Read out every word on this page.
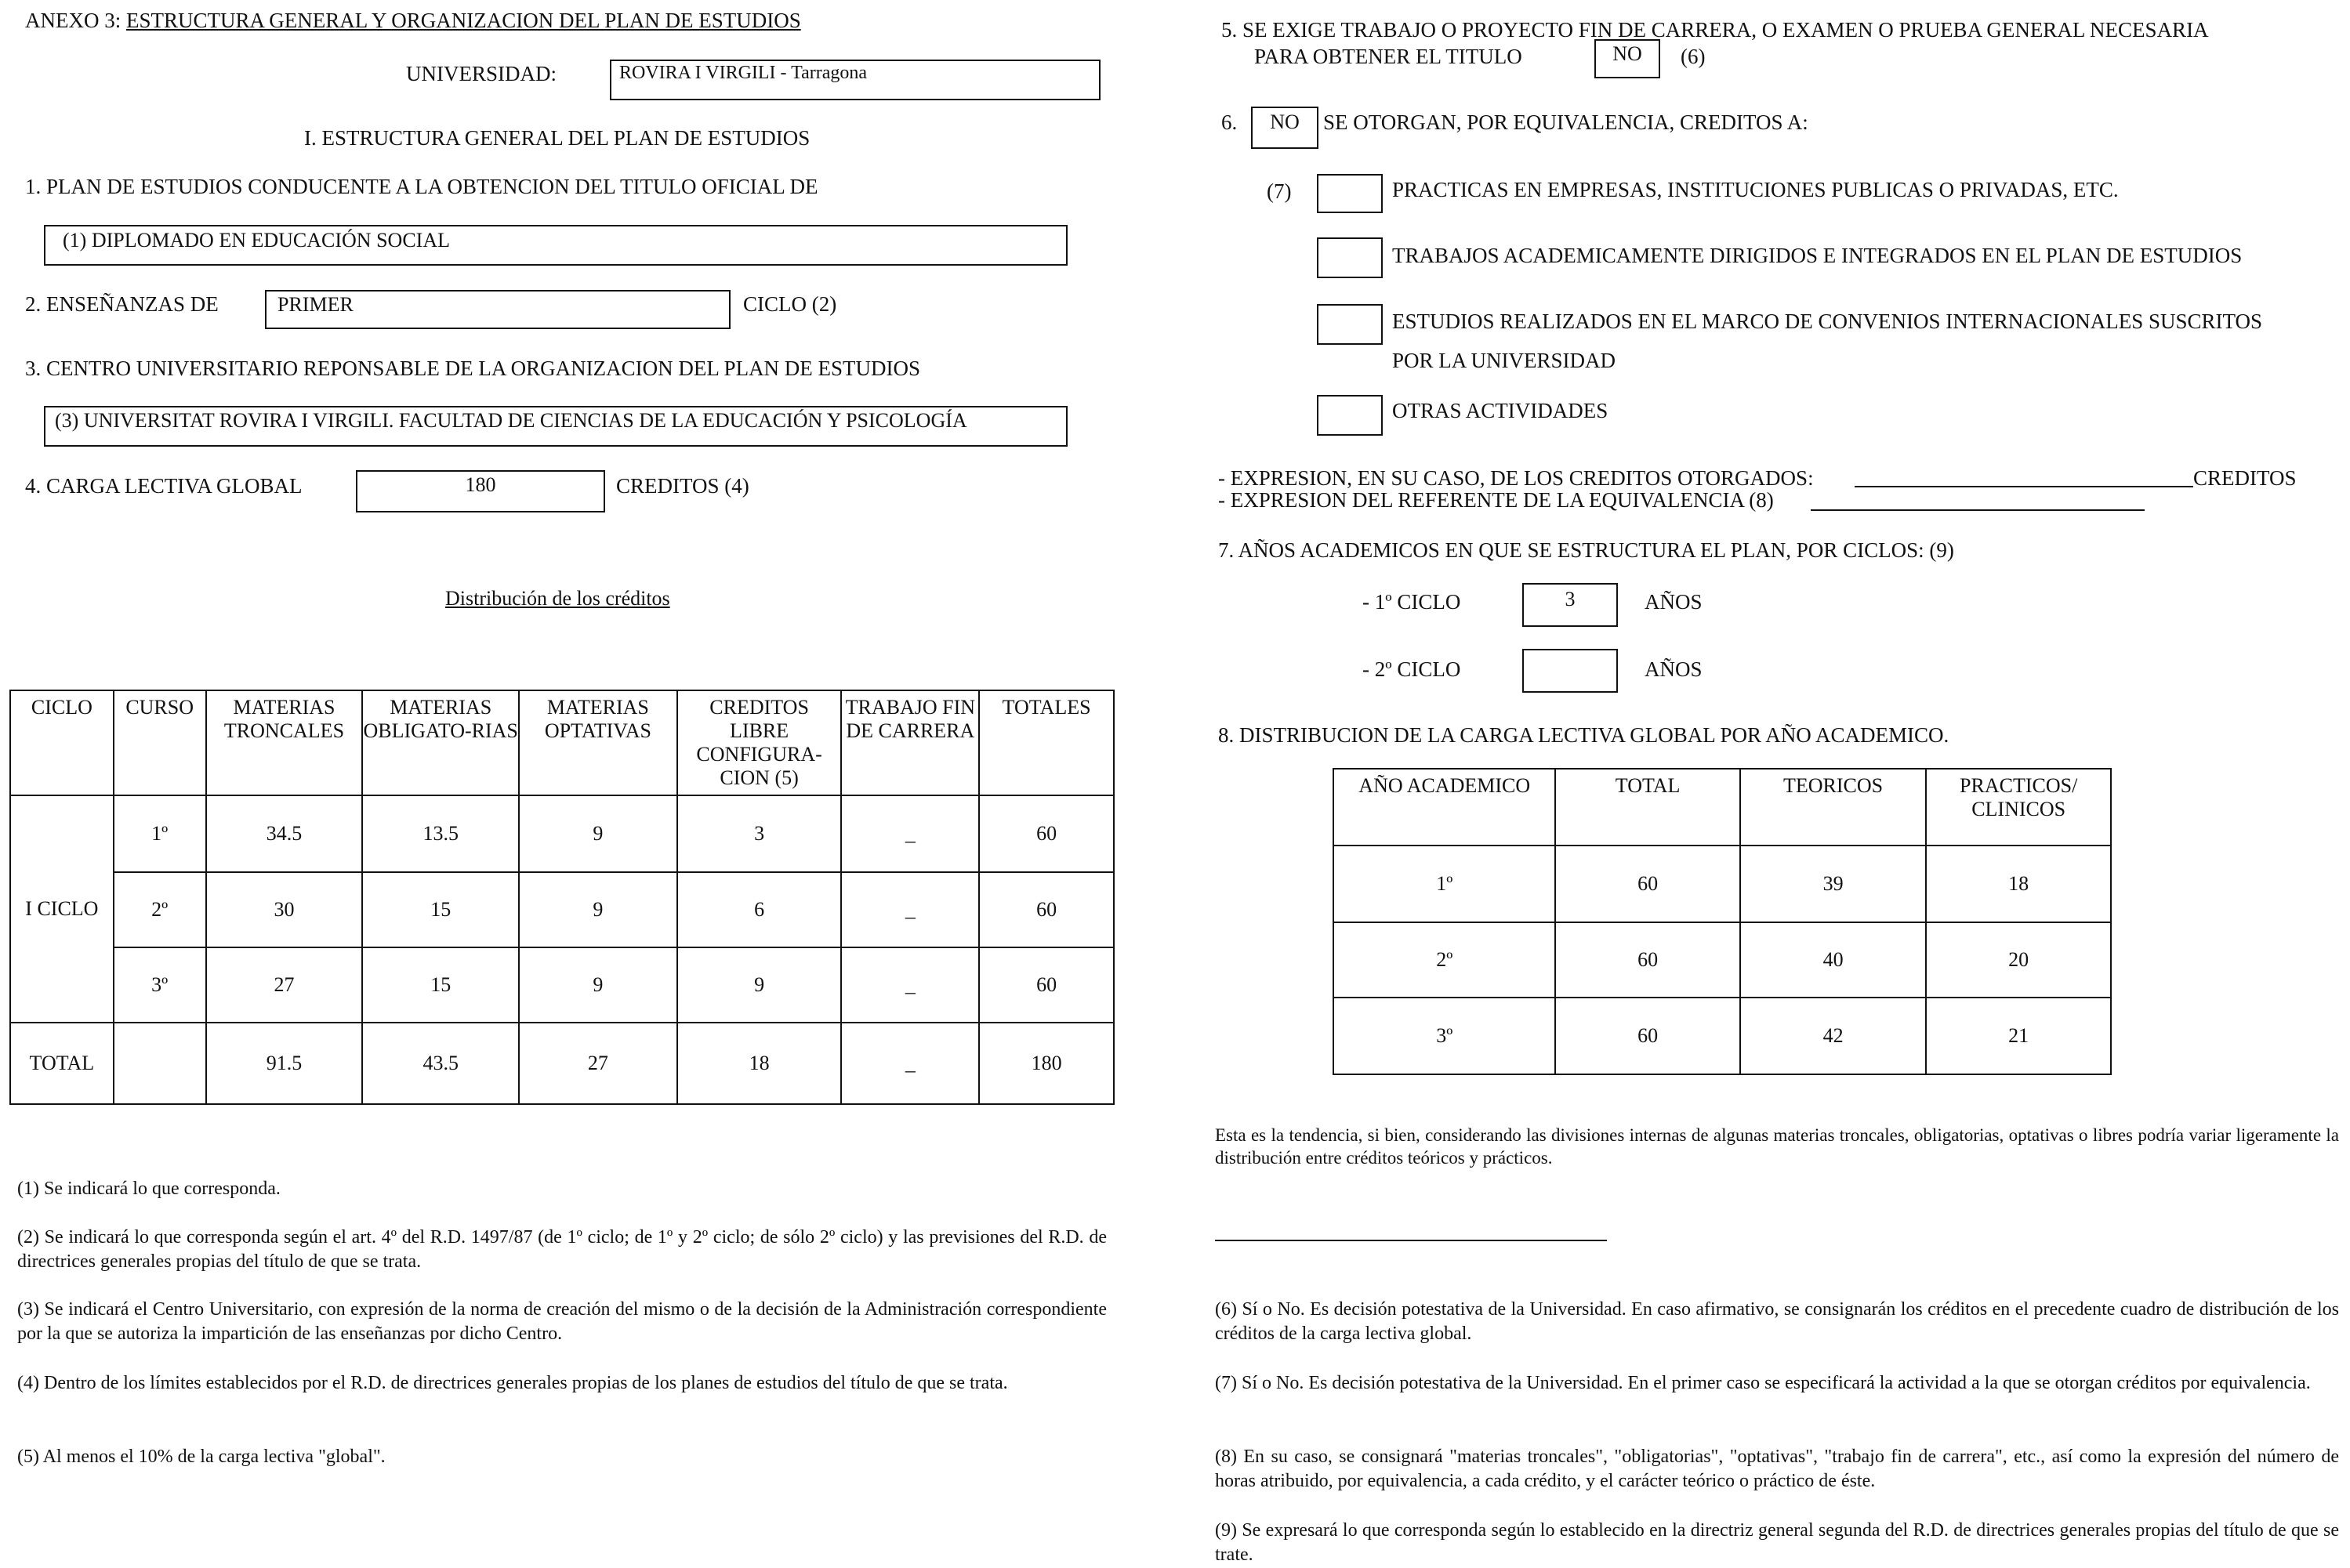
ANEXO 3: ESTRUCTURA GENERAL Y ORGANIZACION DEL PLAN DE ESTUDIOS
UNIVERSIDAD:	ROVIRA I VIRGILI - Tarragona
I. ESTRUCTURA GENERAL DEL PLAN DE ESTUDIOS
1. PLAN DE ESTUDIOS CONDUCENTE A LA OBTENCION DEL TITULO OFICIAL DE
(1) DIPLOMADO EN EDUCACIÓN SOCIAL
2. ENSEÑANZAS DE	PRIMER	CICLO (2)
3. CENTRO UNIVERSITARIO REPONSABLE DE LA ORGANIZACION DEL PLAN DE ESTUDIOS
(3) UNIVERSITAT ROVIRA I VIRGILI. FACULTAD DE CIENCIAS DE LA EDUCACIÓN Y PSICOLOGÍA
4. CARGA LECTIVA GLOBAL	180	CREDITOS (4)
Distribución de los créditos
CICLO	CURSO	MATERIAS TRONCALES	MATERIAS OBLIGATO-RIAS	MATERIAS OPTATIVAS	CREDITOS LIBRE CONFIGURA-CION (5)	TRABAJO FIN DE CARRERA	TOTALES
I CICLO	1º	34.5	13.5	9	3	_	60
	2º	30	15	9	6	_	60
	3º	27	15	9	9	_	60
TOTAL		91.5	43.5	27	18	_	180
(1) Se indicará lo que corresponda.
(2) Se indicará lo que corresponda según el art. 4º del R.D. 1497/87 (de 1º ciclo; de 1º y 2º ciclo; de sólo 2º ciclo) y las previsiones del R.D. de directrices generales propias del título de que se trata.
(3) Se indicará el Centro Universitario, con expresión de la norma de creación del mismo o de la decisión de la Administración correspondiente por la que se autoriza la impartición de las enseñanzas por dicho Centro.
(4) Dentro de los límites establecidos por el R.D. de directrices generales propias de los planes de estudios del título de que se trata.
(5) Al menos el 10% de la carga lectiva "global".
5. SE EXIGE TRABAJO O PROYECTO FIN DE CARRERA, O EXAMEN O PRUEBA GENERAL NECESARIA
PARA OBTENER EL TITULO	NO	(6)
6.	NO	SE OTORGAN, POR EQUIVALENCIA, CREDITOS A:
(7)	PRACTICAS EN EMPRESAS, INSTITUCIONES PUBLICAS O PRIVADAS, ETC.
TRABAJOS ACADEMICAMENTE DIRIGIDOS E INTEGRADOS EN EL PLAN DE ESTUDIOS
ESTUDIOS REALIZADOS EN EL MARCO DE CONVENIOS INTERNACIONALES SUSCRITOS
POR LA UNIVERSIDAD
OTRAS ACTIVIDADES
- EXPRESION, EN SU CASO, DE LOS CREDITOS OTORGADOS:	CREDITOS
- EXPRESION DEL REFERENTE DE LA EQUIVALENCIA (8)
7. AÑOS ACADEMICOS EN QUE SE ESTRUCTURA EL PLAN, POR CICLOS: (9)
- 1º CICLO	3	AÑOS
- 2º CICLO	AÑOS
8. DISTRIBUCION DE LA CARGA LECTIVA GLOBAL POR AÑO ACADEMICO.
AÑO ACADEMICO	TOTAL	TEORICOS	PRACTICOS/ CLINICOS
1º	60	39	18
2º	60	40	20
3º	60	42	21
Esta es la tendencia, si bien, considerando las divisiones internas de algunas materias troncales, obligatorias, optativas o libres podría variar ligeramente la distribución entre créditos teóricos y prácticos.
(6) Sí o No. Es decisión potestativa de la Universidad. En caso afirmativo, se consignarán los créditos en el precedente cuadro de distribución de los créditos de la carga lectiva global.
(7) Sí o No. Es decisión potestativa de la Universidad. En el primer caso se especificará la actividad a la que se otorgan créditos por equivalencia.
(8) En su caso, se consignará "materias troncales", "obligatorias", "optativas", "trabajo fin de carrera", etc., así como la expresión del número de horas atribuido, por equivalencia, a cada crédito, y el carácter teórico o práctico de éste.
(9) Se expresará lo que corresponda según lo establecido en la directriz general segunda del R.D. de directrices generales propias del título de que se trate.
